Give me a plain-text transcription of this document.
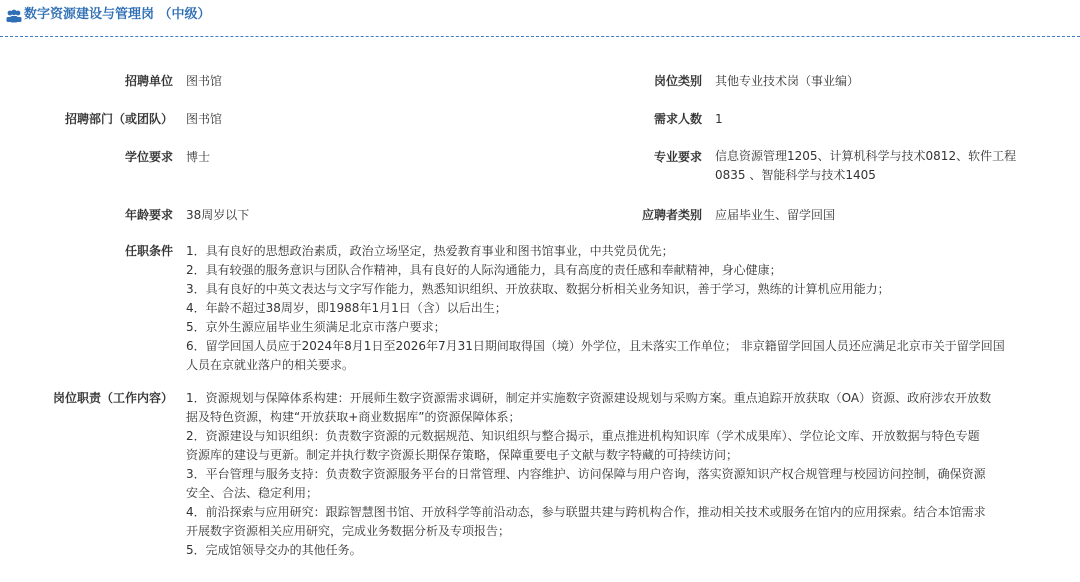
数字资源建设与管理岗 （中级）
招聘单位 图书馆	岗位类别 其他专业技术岗（事业编）
招聘部门（或团队） 图书馆	需求人数 1
学位要求 博士	专业要求 信息资源管理1205、计算机科学与技术0812、软件工程
0835 、智能科学与技术1405
年龄要求 38周岁以下	应聘者类别 应届毕业生、留学回国
任职条件 1．具有良好的思想政治素质，政治立场坚定，热爱教育事业和图书馆事业，中共党员优先；
2．具有较强的服务意识与团队合作精神，具有良好的人际沟通能力，具有高度的责任感和奉献精神，身心健康；
3．具有良好的中英文表达与文字写作能力，熟悉知识组织、开放获取、数据分析相关业务知识，善于学习，熟练的计算机应用能力；
4．年龄不超过38周岁，即1988年1月1日（含）以后出生；
5．京外生源应届毕业生须满足北京市落户要求；
6．留学回国人员应于2024年8月1日至2026年7月31日期间取得国（境）外学位，且未落实工作单位； 非京籍留学回国人员还应满足北京市关于留学回国
人员在京就业落户的相关要求。
岗位职责（工作内容） 1．资源规划与保障体系构建：开展师生数字资源需求调研，制定并实施数字资源建设规划与采购方案。重点追踪开放获取（OA）资源、政府涉农开放数
据及特色资源，构建“开放获取+商业数据库”的资源保障体系；
2．资源建设与知识组织：负责数字资源的元数据规范、知识组织与整合揭示，重点推进机构知识库（学术成果库）、学位论文库、开放数据与特色专题
资源库的建设与更新。制定并执行数字资源长期保存策略，保障重要电子文献与数字特藏的可持续访问；
3．平台管理与服务支持：负责数字资源服务平台的日常管理、内容维护、访问保障与用户咨询，落实资源知识产权合规管理与校园访问控制，确保资源
安全、合法、稳定利用；
4．前沿探索与应用研究：跟踪智慧图书馆、开放科学等前沿动态，参与联盟共建与跨机构合作，推动相关技术或服务在馆内的应用探索。结合本馆需求
开展数字资源相关应用研究，完成业务数据分析及专项报告；
5．完成馆领导交办的其他任务。
